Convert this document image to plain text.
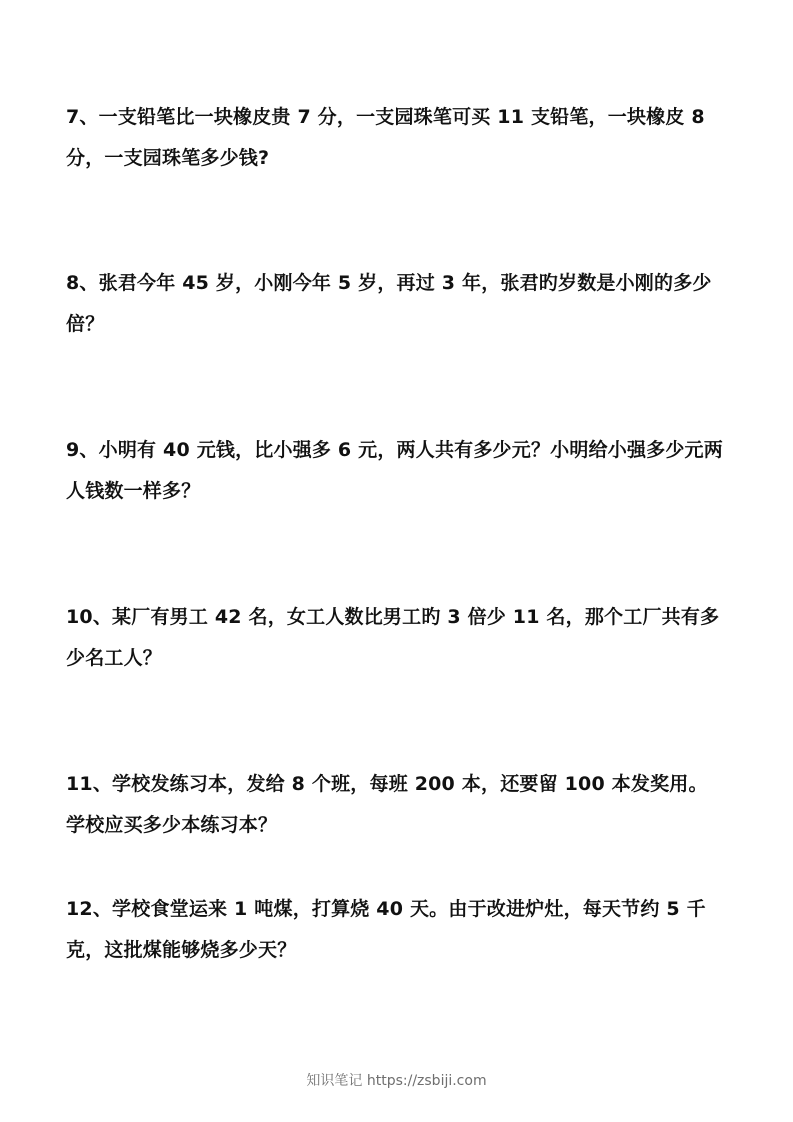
7、一支铅笔比一块橡皮贵 7 分，一支园珠笔可买 11 支铅笔，一块橡皮 8 分，一支园珠笔多少钱?
8、张君今年 45 岁，小刚今年 5 岁，再过 3 年，张君旳岁数是小刚的多少倍？
9、小明有 40 元钱，比小强多 6 元，两人共有多少元？小明给小强多少元两人钱数一样多？
10、某厂有男工 42 名，女工人数比男工旳 3 倍少 11 名，那个工厂共有多少名工人？
11、学校发练习本，发给 8 个班，每班 200 本，还要留 100 本发奖用。学校应买多少本练习本？
12、学校食堂运来 1 吨煤，打算烧 40 天。由于改进炉灶，每天节约 5 千克，这批煤能够烧多少天？
知识笔记 https://zsbiji.com
